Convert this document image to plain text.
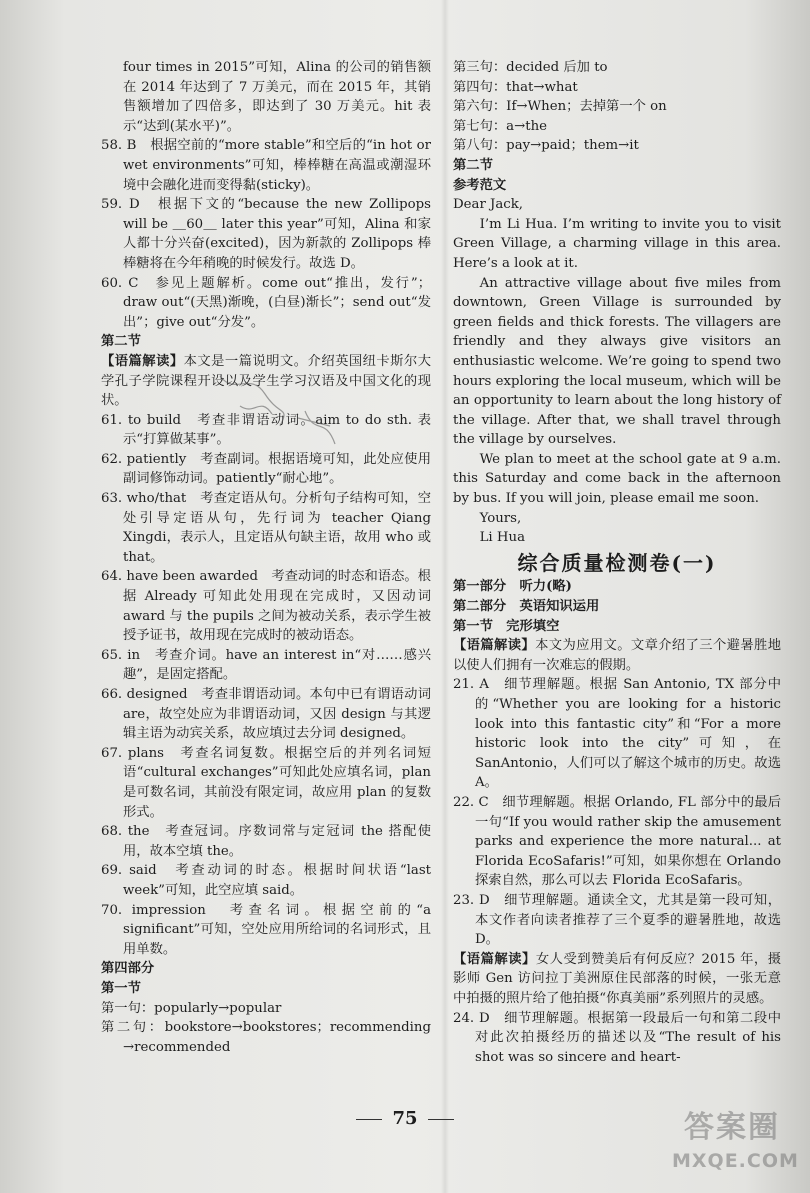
four times in 2015”可知，Alina 的公司的销售额在 2014 年达到了 7 万美元，而在 2015 年，其销售额增加了四倍多，即达到了 30 万美元。hit 表示“达到(某水平)”。

58. B　根据空前的“more stable”和空后的“in hot or wet environments”可知，棒棒糖在高温或潮湿环境中会融化进而变得黏(sticky)。

59. D　根据下文的“because the new Zollipops will be ＿60＿ later this year”可知，Alina 和家人都十分兴奋(excited)，因为新款的 Zollipops 棒棒糖将在今年稍晚的时候发行。故选 D。

60. C　参见上题解析。come out“推出，发行”；draw out“(天黑)渐晚，(白昼)渐长”；send out“发出”；give out“分发”。

第二节

【语篇解读】本文是一篇说明文。介绍英国纽卡斯尔大学孔子学院课程开设以及学生学习汉语及中国文化的现状。

61. to build　考查非谓语动词。aim to do sth. 表示“打算做某事”。

62. patiently　考查副词。根据语境可知，此处应使用副词修饰动词。patiently“耐心地”。

63. who/that　考查定语从句。分析句子结构可知，空处引导定语从句，先行词为 teacher Qiang Xingdi，表示人，且定语从句缺主语，故用 who 或 that。

64. have been awarded　考查动词的时态和语态。根据 Already 可知此处用现在完成时，又因动词 award 与 the pupils 之间为被动关系，表示学生被授予证书，故用现在完成时的被动语态。

65. in　考查介词。have an interest in“对……感兴趣”，是固定搭配。

66. designed　考查非谓语动词。本句中已有谓语动词 are，故空处应为非谓语动词，又因 design 与其逻辑主语为动宾关系，故应填过去分词 designed。

67. plans　考查名词复数。根据空后的并列名词短语“cultural exchanges”可知此处应填名词，plan 是可数名词，其前没有限定词，故应用 plan 的复数形式。

68. the　考查冠词。序数词常与定冠词 the 搭配使用，故本空填 the。

69. said　考查动词的时态。根据时间状语“last week”可知，此空应填 said。

70. impression　考查名词。根据空前的“a significant”可知，空处应用所给词的名词形式，且用单数。

第四部分

第一节

第一句：popularly→popular

第二句：bookstore→bookstores；recommending →recommended

第三句：decided 后加 to

第四句：that→what

第六句：If→When；去掉第一个 on

第七句：a→the

第八句：pay→paid；them→it

第二节

参考范文

Dear Jack,

I’m Li Hua. I’m writing to invite you to visit Green Village, a charming village in this area. Here’s a look at it.

An attractive village about five miles from downtown, Green Village is surrounded by green fields and thick forests. The villagers are friendly and they always give visitors an enthusiastic welcome. We’re going to spend two hours exploring the local museum, which will be an opportunity to learn about the long history of the village. After that, we shall travel through the village by ourselves.

We plan to meet at the school gate at 9 a.m. this Saturday and come back in the afternoon by bus. If you will join, please email me soon.

Yours,

Li Hua

综合质量检测卷(一)

第一部分　听力(略)

第二部分　英语知识运用

第一节　完形填空

【语篇解读】本文为应用文。文章介绍了三个避暑胜地以使人们拥有一次难忘的假期。

21. A　细节理解题。根据 San Antonio, TX 部分中的“Whether you are looking for a historic look into this fantastic city”和“For a more historic look into the city”可知，在 SanAntonio，人们可以了解这个城市的历史。故选 A。

22. C　细节理解题。根据 Orlando, FL 部分中的最后一句“If you would rather skip the amusement parks and experience the more natural... at Florida EcoSafaris!”可知，如果你想在 Orlando 探索自然，那么可以去 Florida EcoSafaris。

23. D　细节理解题。通读全文，尤其是第一段可知，本文作者向读者推荐了三个夏季的避暑胜地，故选 D。

【语篇解读】女人受到赞美后有何反应？2015 年，摄影师 Gen 访问拉丁美洲原住民部落的时候，一张无意中拍摄的照片给了他拍摄“你真美丽”系列照片的灵感。

24. D　细节理解题。根据第一段最后一句和第二段中对此次拍摄经历的描述以及“The result of his shot was so sincere and heart-

75	答案圈
MXQE.COM
